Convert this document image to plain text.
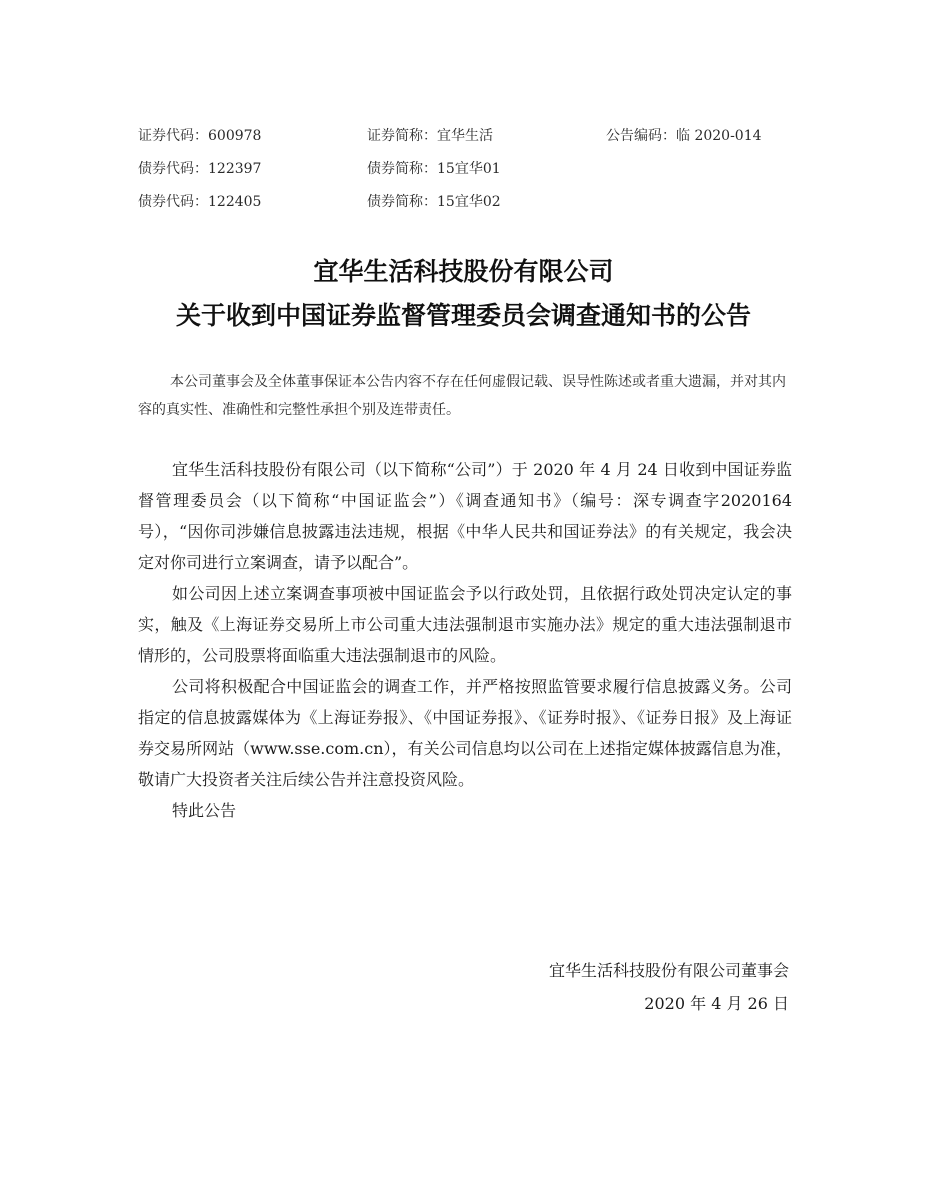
证券代码：600978	证券简称：宜华生活	公告编码：临 2020-014
债券代码：122397	债券简称：15宜华01
债券代码：122405	债券简称：15宜华02
宜华生活科技股份有限公司
关于收到中国证券监督管理委员会调查通知书的公告
本公司董事会及全体董事保证本公告内容不存在任何虚假记载、误导性陈述或者重大遗漏，并对其内容的真实性、准确性和完整性承担个别及连带责任。

宜华生活科技股份有限公司（以下简称“公司”）于 2020 年 4 月 24 日收到中国证券监督管理委员会（以下简称“中国证监会”）《调查通知书》（编号：深专调查字2020164 号），“因你司涉嫌信息披露违法违规，根据《中华人民共和国证券法》的有关规定，我会决定对你司进行立案调查，请予以配合”。

如公司因上述立案调查事项被中国证监会予以行政处罚，且依据行政处罚决定认定的事实，触及《上海证券交易所上市公司重大违法强制退市实施办法》规定的重大违法强制退市情形的，公司股票将面临重大违法强制退市的风险。

公司将积极配合中国证监会的调查工作，并严格按照监管要求履行信息披露义务。公司指定的信息披露媒体为《上海证券报》、《中国证券报》、《证券时报》、《证券日报》及上海证券交易所网站（www.sse.com.cn），有关公司信息均以公司在上述指定媒体披露信息为准，敬请广大投资者关注后续公告并注意投资风险。

特此公告

宜华生活科技股份有限公司董事会
2020 年 4 月 26 日
